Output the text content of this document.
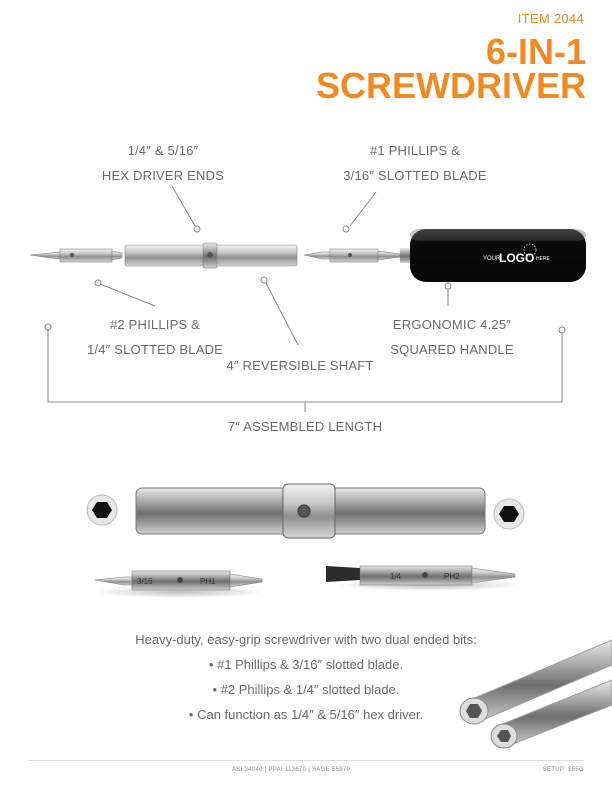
ITEM 2044
6-IN-1
SCREWDRIVER
YOUR
LOGO HERE
3/16	PH1
1/4	PH2
1/4″ & 5/16″
HEX DRIVER ENDS
#1 PHILLIPS &
3/16″ SLOTTED BLADE
#2 PHILLIPS &
1/4″ SLOTTED BLADE
4″ REVERSIBLE SHAFT
ERGONOMIC 4.25″
SQUARED HANDLE
7″ ASSEMBLED LENGTH
Heavy-duty, easy-grip screwdriver with two dual ended bits:
• #1 Phillips & 3/16″ slotted blade.
• #2 Phillips & 1/4″ slotted blade.
• Can function as 1/4″ & 5/16″ hex driver.
ASI 34040 | PPAI 113670 | SAGE 55970	SETUP: $55G
